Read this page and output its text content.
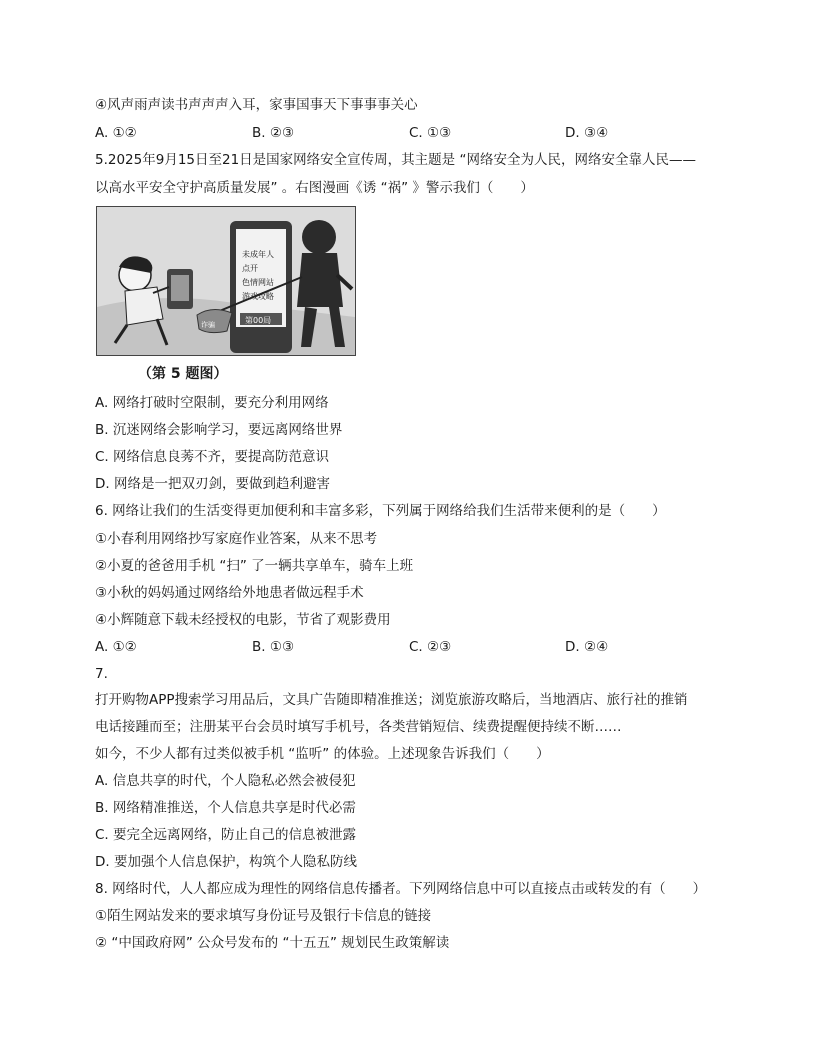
④风声雨声读书声声声入耳，家事国事天下事事事关心
A. ①②	B. ②③	C. ①③	D. ③④
5.2025年9月15日至21日是国家网络安全宣传周，其主题是 “网络安全为人民，网络安全靠人民——
以高水平安全守护高质量发展” 。右图漫画《诱 “祸” 》警示我们（　　）
未成年人
点开
色情网站
游戏攻略
第00局
诈骗
（第 5 题图）
A. 网络打破时空限制，要充分利用网络
B. 沉迷网络会影响学习，要远离网络世界
C. 网络信息良莠不齐，要提高防范意识
D. 网络是一把双刃剑，要做到趋利避害
6. 网络让我们的生活变得更加便利和丰富多彩，下列属于网络给我们生活带来便利的是（　　）
①小春利用网络抄写家庭作业答案，从来不思考
②小夏的爸爸用手机 “扫” 了一辆共享单车，骑车上班
③小秋的妈妈通过网络给外地患者做远程手术
④小辉随意下载未经授权的电影，节省了观影费用
A. ①②	B. ①③	C. ②③	D. ②④
7.
打开购物APP搜索学习用品后，文具广告随即精准推送；浏览旅游攻略后，当地酒店、旅行社的推销
电话接踵而至；注册某平台会员时填写手机号，各类营销短信、续费提醒便持续不断……
如今，不少人都有过类似被手机 “监听” 的体验。上述现象告诉我们（　　）
A. 信息共享的时代，个人隐私必然会被侵犯
B. 网络精准推送，个人信息共享是时代必需
C. 要完全远离网络，防止自己的信息被泄露
D. 要加强个人信息保护，构筑个人隐私防线
8. 网络时代，人人都应成为理性的网络信息传播者。下列网络信息中可以直接点击或转发的有（　　）
①陌生网站发来的要求填写身份证号及银行卡信息的链接
② “中国政府网” 公众号发布的 “十五五” 规划民生政策解读
